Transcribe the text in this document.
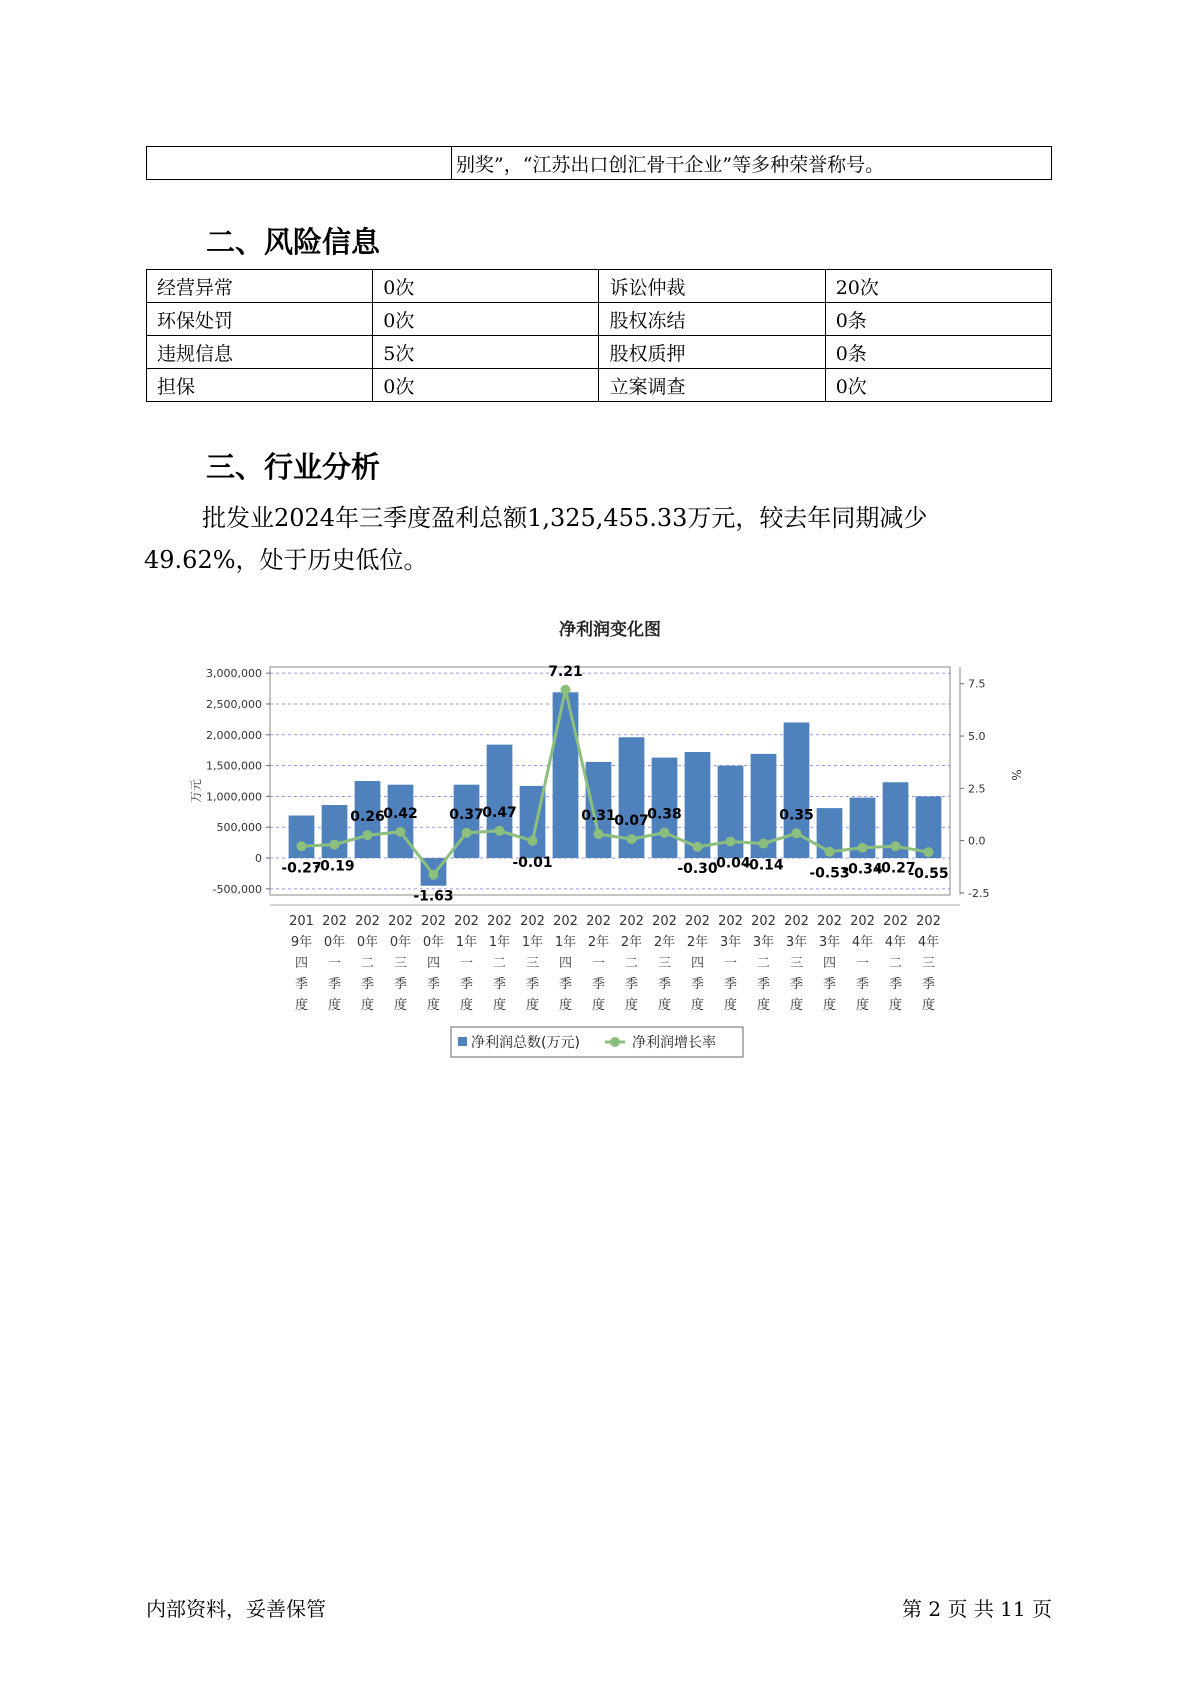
	别奖”，“江苏出口创汇骨干企业”等多种荣誉称号。
二、风险信息
经营异常	0次	诉讼仲裁	20次
环保处罚	0次	股权冻结	0条
违规信息	5次	股权质押	0条
担保	0次	立案调查	0次
三、行业分析

批发业2024年三季度盈利总额1,325,455.33万元，较去年同期减少49.62%，处于历史低位。

净利润变化图
3,000,000
2,500,000
2,000,000
1,500,000
1,000,000
500,000
0
-500,000
7.5
5.0
2.5
0.0
-2.5
万元
%
-0.27
-0.19
0.26
0.42
-1.63
0.37
0.47
-0.01
7.21
0.31
0.07
0.38
-0.30
-0.04
-0.14
0.35
-0.53
-0.34
-0.27
-0.55
201
9年
四
季
度
202
0年
一
季
度
202
0年
二
季
度
202
0年
三
季
度
202
0年
四
季
度
202
1年
一
季
度
202
1年
二
季
度
202
1年
三
季
度
202
1年
四
季
度
202
2年
一
季
度
202
2年
二
季
度
202
2年
三
季
度
202
2年
四
季
度
202
3年
一
季
度
202
3年
二
季
度
202
3年
三
季
度
202
3年
四
季
度
202
4年
一
季
度
202
4年
二
季
度
202
4年
三
季
度
净利润总数(万元)	净利润增长率
内部资料，妥善保管	第 2 页 共 11 页
